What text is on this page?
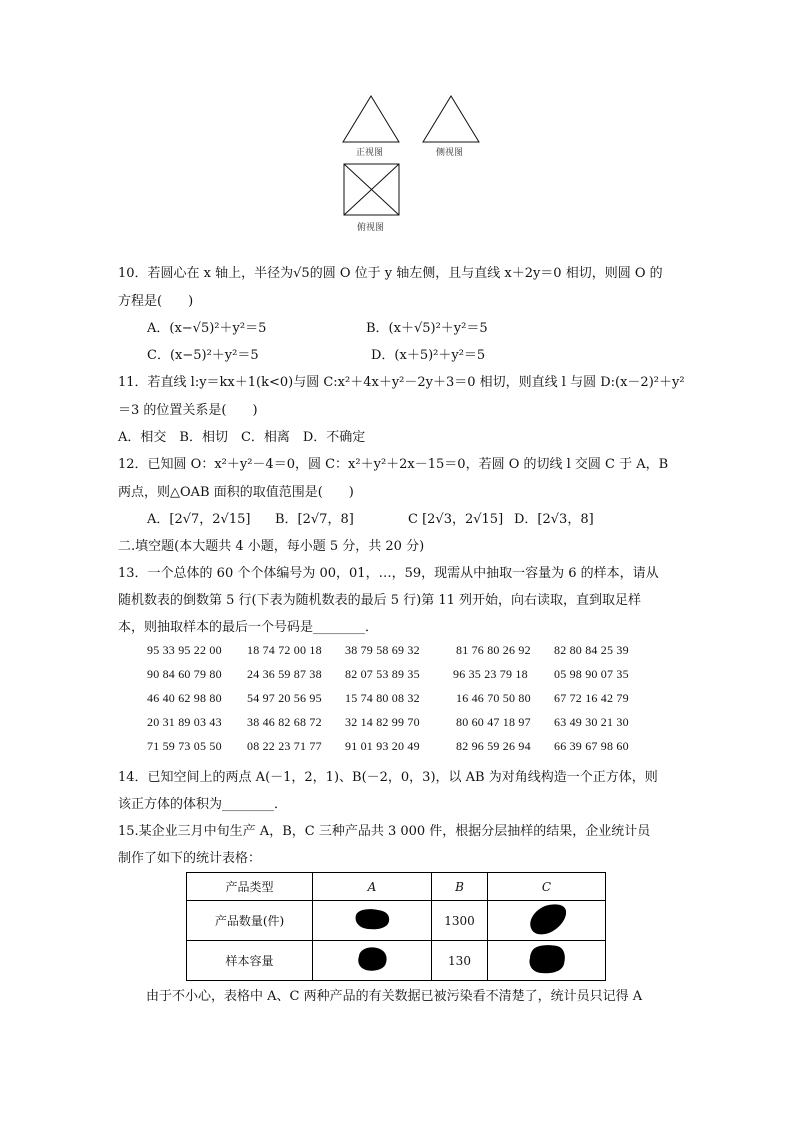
正视图	侧视图
俯视图
10．若圆心在 x 轴上，半径为√5的圆 O 位于 y 轴左侧，且与直线 x＋2y＝0 相切，则圆 O 的
方程是(　　)
A．(x−√5)²＋y²＝5	B．(x＋√5)²＋y²＝5
C．(x−5)²＋y²＝5	D．(x＋5)²＋y²＝5
11．若直线 l:y＝kx＋1(k<0)与圆 C:x²＋4x＋y²－2y＋3＝0 相切，则直线 l 与圆 D:(x－2)²＋y²
＝3 的位置关系是(　　)
A．相交　B．相切　C．相离　D．不确定
12．已知圆 O：x²＋y²－4＝0，圆 C：x²＋y²＋2x－15＝0，若圆 O 的切线 l 交圆 C 于 A，B
两点，则△OAB 面积的取值范围是(　　)
A．[2√7，2√15] B．[2√7，8]	C [2√3，2√15] D．[2√3，8]
二.填空题(本大题共 4 小题，每小题 5 分，共 20 分)
13．一个总体的 60 个个体编号为 00，01，…，59，现需从中抽取一容量为 6 的样本，请从
随机数表的倒数第 5 行(下表为随机数表的最后 5 行)第 11 列开始，向右读取，直到取足样
本，则抽取样本的最后一个号码是________．
95 33 95 22 00 18 74 72 00 18 38 79 58 69 32	81 76 80 26 92 82 80 84 25 39
90 84 60 79 80 24 36 59 87 38 82 07 53 89 35	96 35 23 79 18 05 98 90 07 35
46 40 62 98 80 54 97 20 56 95 15 74 80 08 32	16 46 70 50 80 67 72 16 42 79
20 31 89 03 43 38 46 82 68 72 32 14 82 99 70	80 60 47 18 97 63 49 30 21 30
71 59 73 05 50 08 22 23 71 77 91 01 93 20 49	82 96 59 26 94 66 39 67 98 60
14．已知空间上的两点 A(－1，2，1)、B(－2，0，3)，以 AB 为对角线构造一个正方体，则
该正方体的体积为________．
15.某企业三月中旬生产 A，B，C 三种产品共 3 000 件，根据分层抽样的结果，企业统计员
制作了如下的统计表格：
产品类型	A	B	C
产品数量(件)		1300	
样本容量		130	
由于不小心，表格中 A、C 两种产品的有关数据已被污染看不清楚了，统计员只记得 A
